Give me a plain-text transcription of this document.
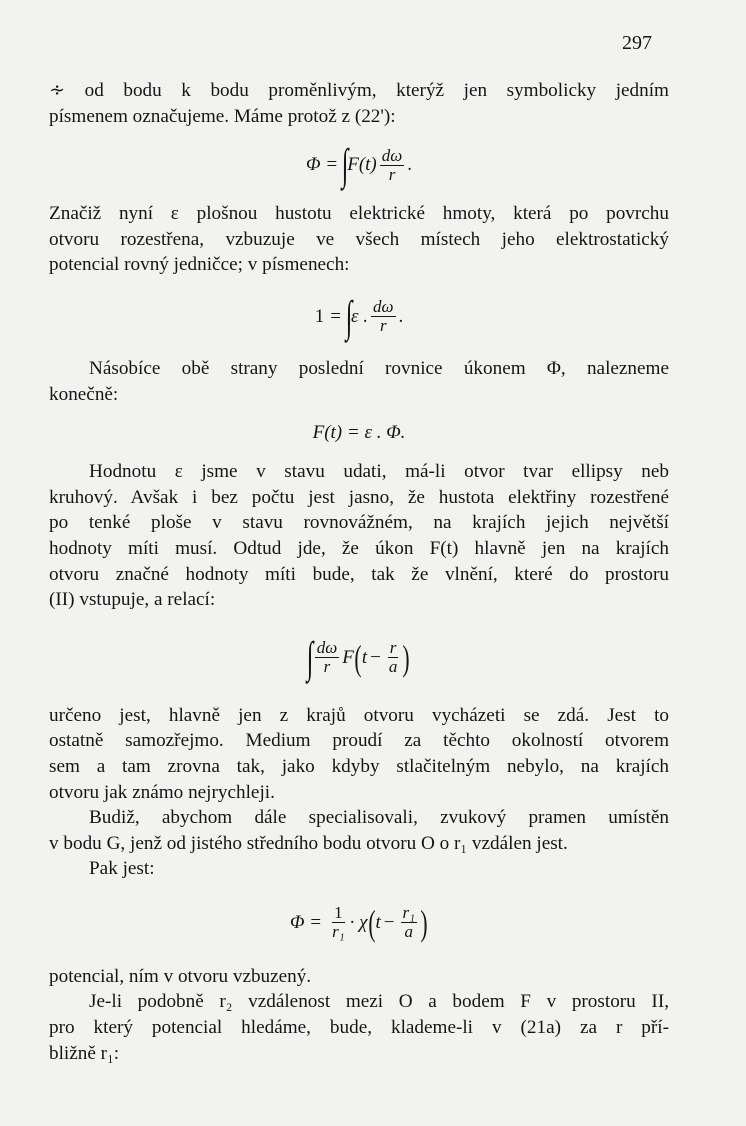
297

∻ od bodu k bodu proměnlivým, kterýž jen symbolicky jedním

písmenem označujeme. Máme protož z (22'):

Φ = ∫
F $(t) \frac{d\omega}{r}$ .

Značiž nyní ε plošnou hustotu elektrické hmoty, která po povrchu

otvoru rozestřena, vzbuzuje ve všech místech jeho elektrostatický

potencial rovný jedničce; v písmenech:

1 = ∫
ε . $\frac{d\omega}{r}$ .

Násobíce obě strany poslední rovnice úkonem Φ, nalezneme

konečně:

F(t) = ε . Φ.

Hodnotu ε jsme v stavu udati, má-li otvor tvar ellipsy neb

kruhový. Avšak i bez počtu jest jasno, že hustota elektřiny rozestřené

po tenké ploše v stavu rovnovážném, na krajích jejich největší

hodnoty míti musí. Odtud jde, že úkon F(t) hlavně jen na krajích

otvoru značné hodnoty míti bude, tak že vlnění, které do prostoru

(II) vstupuje, a relací:

∫ $\frac{d\omega}{r}$ F ( $t - \frac{r}{a}$ )

určeno jest, hlavně jen z krajů otvoru vycházeti se zdá. Jest to

ostatně samozřejmo. Medium proudí za těchto okolností otvorem

sem a tam zrovna tak, jako kdyby stlačitelným nebylo, na krajích

otvoru jak známo nejrychleji.

Budiž, abychom dále specialisovali, zvukový pramen umístěn

v bodu G, jenž od jistého středního bodu otvoru O o r₁ vzdálen jest.

Pak jest:

$\Phi = \frac{1}{\text{r₁}} \cdot \chi$ ( $t - \frac{\text{r₁}}{a}$ )

potencial, ním v otvoru vzbuzený.

Je-li podobně r₂ vzdálenost mezi O a bodem F v prostoru II,

pro který potencial hledáme, bude, klademe-li v (21a) za r pří-

bližně r₁:
